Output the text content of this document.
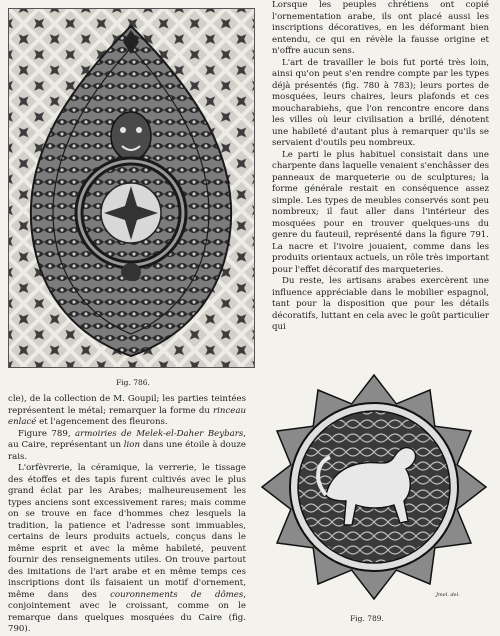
Fig. 786.

Lorsque les peuples chrétiens ont copié l'ornementation arabe, ils ont placé aussi les inscriptions décoratives, en les déformant bien entendu, ce qui en révèle la fausse origine et n'offre aucun sens.

L'art de travailler le bois fut porté très loin, ainsi qu'on peut s'en rendre compte par les types déjà présentés (fig. 780 à 783); leurs portes de mosquées, leurs chaires, leurs plafonds et ces moucharabiehs, que l'on rencontre encore dans les villes où leur civilisation a brillé, dénotent une habileté d'autant plus à remarquer qu'ils se servaient d'outils peu nombreux.

Le parti le plus habituel consistait dans une charpente dans laquelle venaient s'enchâsser des panneaux de marqueterie ou de sculptures; la forme générale restait en conséquence assez simple. Les types de meubles conservés sont peu nombreux; il faut aller dans l'intérieur des mosquées pour en trouver quelques-uns du genre du fauteuil, représenté dans la figure 791. La nacre et l'ivoire jouaient, comme dans les produits orientaux actuels, un rôle très important pour l'effet décoratif des marqueteries.

Du reste, les artisans arabes exercèrent une influence appréciable dans le mobilier espagnol, tant pour la disposition que pour les détails décoratifs, luttant en cela avec le goût particulier qui

cle), de la collection de M. Goupil; les parties teintées représentent le métal; remarquer la forme du rinceau enlacé et l'agencement des fleurons.

Figure 789, armoiries de Melek-el-Daher Beybars, au Caire, représentant un lion dans une étoile à douze rais.

L'orfèvrerie, la céramique, la verrerie, le tissage des étoffes et des tapis furent cultivés avec le plus grand éclat par les Arabes; malheureusement les types anciens sont excessivement rares; mais comme on se trouve en face d'hommes chez lesquels la tradition, la patience et l'adresse sont immuables, certains de leurs produits actuels, conçus dans le même esprit et avec la même habileté, peuvent fournir des renseignements utiles. On trouve partout des imitations de l'art arabe et en même temps ces inscriptions dont ils faisaient un motif d'ornement, même dans des couronnements de dômes, conjointement avec le croissant, comme on le remarque dans quelques mosquées du Caire (fig. 790).

Jmel. del.
Fig. 789.
